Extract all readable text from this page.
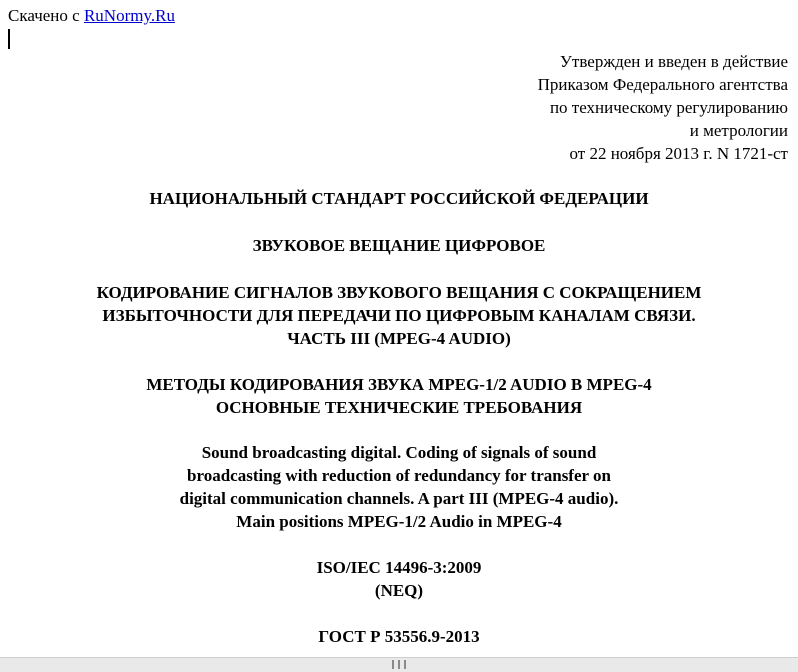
Скачено с RuNormy.Ru
Утвержден и введен в действие
Приказом Федерального агентства
по техническому регулированию
и метрологии
от 22 ноября 2013 г. N 1721-ст
НАЦИОНАЛЬНЫЙ СТАНДАРТ РОССИЙСКОЙ ФЕДЕРАЦИИ
ЗВУКОВОЕ ВЕЩАНИЕ ЦИФРОВОЕ
КОДИРОВАНИЕ СИГНАЛОВ ЗВУКОВОГО ВЕЩАНИЯ С СОКРАЩЕНИЕМ
ИЗБЫТОЧНОСТИ ДЛЯ ПЕРЕДАЧИ ПО ЦИФРОВЫМ КАНАЛАМ СВЯЗИ.
ЧАСТЬ III (MPEG-4 AUDIO)
МЕТОДЫ КОДИРОВАНИЯ ЗВУКА MPEG-1/2 AUDIO В MPEG-4
ОСНОВНЫЕ ТЕХНИЧЕСКИЕ ТРЕБОВАНИЯ
Sound broadcasting digital. Coding of signals of sound
broadcasting with reduction of redundancy for transfer on
digital communication channels. A part III (MPEG-4 audio).
Main positions MPEG-1/2 Audio in MPEG-4
ISO/IEC 14496-3:2009
(NEQ)
ГОСТ Р 53556.9-2013
